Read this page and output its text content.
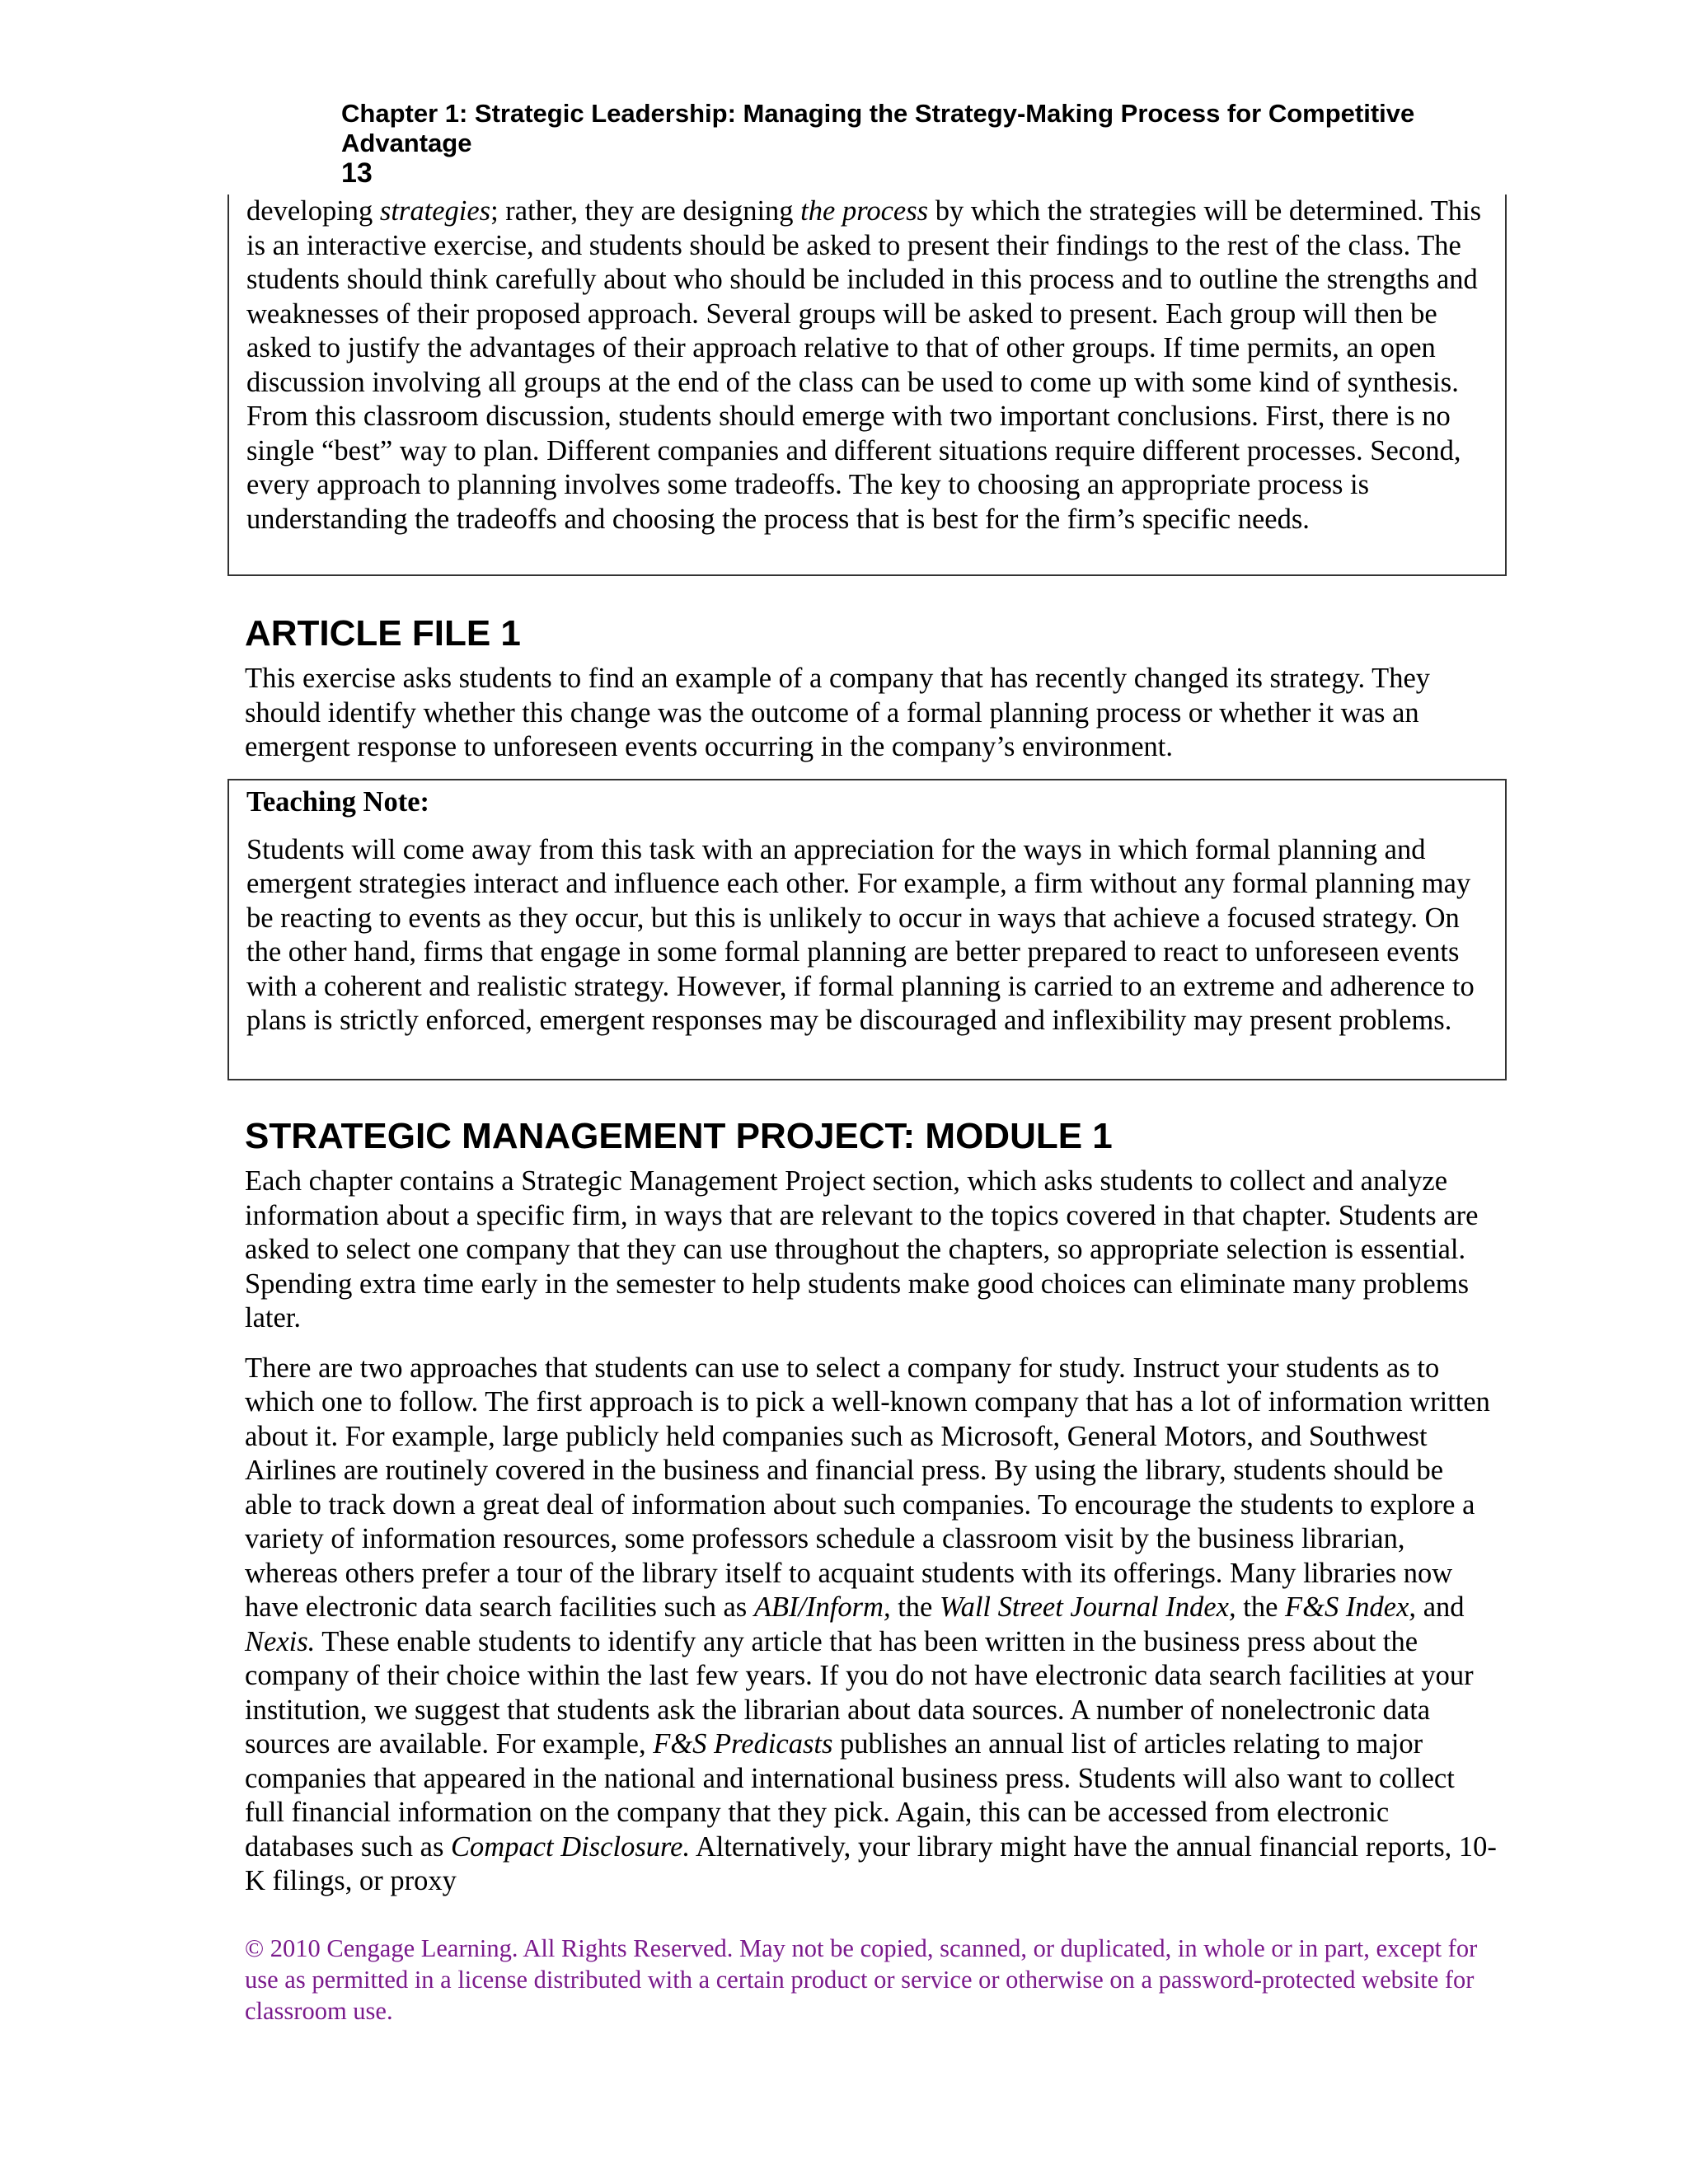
Chapter 1: Strategic Leadership: Managing the Strategy-Making Process for Competitive Advantage
13

developing strategies; rather, they are designing the process by which the strategies will be determined. This is an interactive exercise, and students should be asked to present their findings to the rest of the class. The students should think carefully about who should be included in this process and to outline the strengths and weaknesses of their proposed approach. Several groups will be asked to present. Each group will then be asked to justify the advantages of their approach relative to that of other groups. If time permits, an open discussion involving all groups at the end of the class can be used to come up with some kind of synthesis. From this classroom discussion, students should emerge with two important conclusions. First, there is no single “best” way to plan. Different companies and different situations require different processes. Second, every approach to planning involves some tradeoffs. The key to choosing an appropriate process is understanding the tradeoffs and choosing the process that is best for the firm’s specific needs.

ARTICLE FILE 1

This exercise asks students to find an example of a company that has recently changed its strategy. They should identify whether this change was the outcome of a formal planning process or whether it was an emergent response to unforeseen events occurring in the company’s environment.

Teaching Note:

Students will come away from this task with an appreciation for the ways in which formal planning and emergent strategies interact and influence each other. For example, a firm without any formal planning may be reacting to events as they occur, but this is unlikely to occur in ways that achieve a focused strategy. On the other hand, firms that engage in some formal planning are better prepared to react to unforeseen events with a coherent and realistic strategy. However, if formal planning is carried to an extreme and adherence to plans is strictly enforced, emergent responses may be discouraged and inflexibility may present problems.

STRATEGIC MANAGEMENT PROJECT: MODULE 1

Each chapter contains a Strategic Management Project section, which asks students to collect and analyze information about a specific firm, in ways that are relevant to the topics covered in that chapter. Students are asked to select one company that they can use throughout the chapters, so appropriate selection is essential. Spending extra time early in the semester to help students make good choices can eliminate many problems later.

There are two approaches that students can use to select a company for study. Instruct your students as to which one to follow. The first approach is to pick a well-known company that has a lot of information written about it. For example, large publicly held companies such as Microsoft, General Motors, and Southwest Airlines are routinely covered in the business and financial press. By using the library, students should be able to track down a great deal of information about such companies. To encourage the students to explore a variety of information resources, some professors schedule a classroom visit by the business librarian, whereas others prefer a tour of the library itself to acquaint students with its offerings. Many libraries now have electronic data search facilities such as ABI/Inform, the Wall Street Journal Index, the F&S Index, and Nexis. These enable students to identify any article that has been written in the business press about the company of their choice within the last few years. If you do not have electronic data search facilities at your institution, we suggest that students ask the librarian about data sources. A number of nonelectronic data sources are available. For example, F&S Predicasts publishes an annual list of articles relating to major companies that appeared in the national and international business press. Students will also want to collect full financial information on the company that they pick. Again, this can be accessed from electronic databases such as Compact Disclosure. Alternatively, your library might have the annual financial reports, 10-K filings, or proxy

© 2010 Cengage Learning. All Rights Reserved. May not be copied, scanned, or duplicated, in whole or in part, except for use as permitted in a license distributed with a certain product or service or otherwise on a password-protected website for classroom use.
